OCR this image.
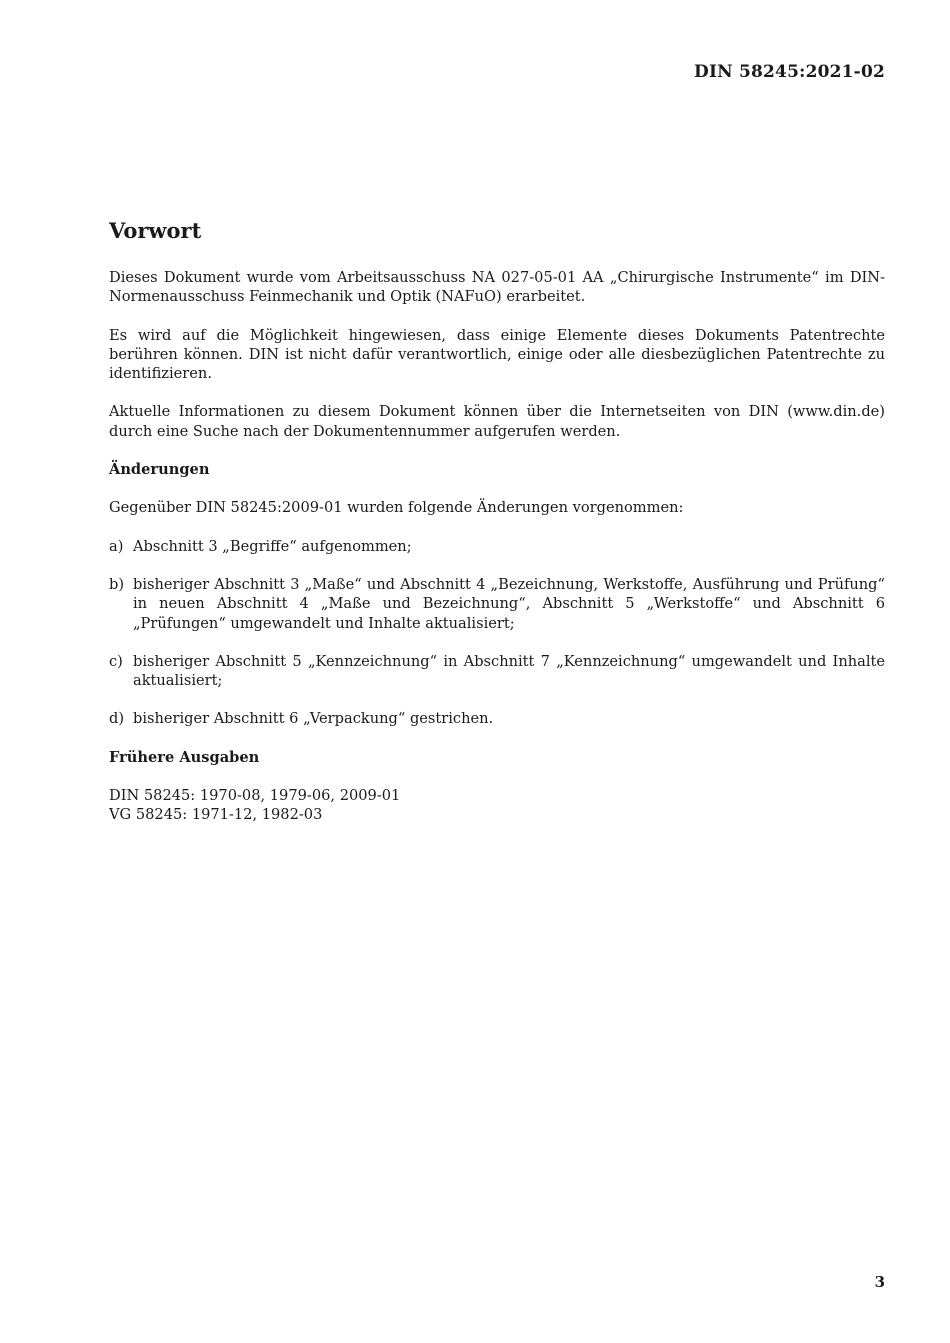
DIN 58245:2021-02
Vorwort

Dieses Dokument wurde vom Arbeitsausschuss NA 027-05-01 AA „Chirurgische Instrumente“ im DIN-Normenausschuss Feinmechanik und Optik (NAFuO) erarbeitet.

Es wird auf die Möglichkeit hingewiesen, dass einige Elemente dieses Dokuments Patentrechte berühren können. DIN ist nicht dafür verantwortlich, einige oder alle diesbezüglichen Patentrechte zu identifizieren.

Aktuelle Informationen zu diesem Dokument können über die Internetseiten von DIN (www.din.de) durch eine Suche nach der Dokumentennummer aufgerufen werden.

Änderungen

Gegenüber DIN 58245:2009-01 wurden folgende Änderungen vorgenommen:

a) Abschnitt 3 „Begriffe“ aufgenommen;
b) bisheriger Abschnitt 3 „Maße“ und Abschnitt 4 „Bezeichnung, Werkstoffe, Ausführung und Prüfung“ in neuen Abschnitt 4 „Maße und Bezeichnung“, Abschnitt 5 „Werkstoffe“ und Abschnitt 6 „Prüfungen“ umgewandelt und Inhalte aktualisiert;
c) bisheriger Abschnitt 5 „Kennzeichnung“ in Abschnitt 7 „Kennzeichnung“ umgewandelt und Inhalte aktualisiert;
d) bisheriger Abschnitt 6 „Verpackung“ gestrichen.
Frühere Ausgaben

DIN 58245: 1970-08, 1979-06, 2009-01
VG 58245: 1971-12, 1982-03

3
